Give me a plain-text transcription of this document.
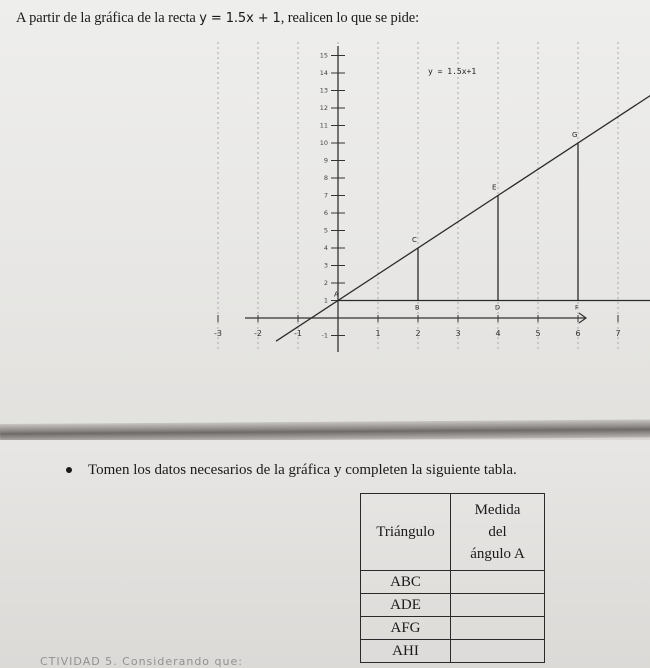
A partir de la gráfica de la recta y = 1.5x + 1, realicen lo que se pide:
-3	-2	-1	1	2	3	4	5	6	7
-1
1
2
3
4
5
6
7
8
9
10
11
12
13
14
15
y = 1.5x+1
A
C
E
G
B	D	F
Tomen los datos necesarios de la gráfica y completen la siguiente tabla.
Triángulo	Medida
del
ángulo A

ABC	
ADE	
AFG	
AHI	
CTIVIDAD 5. Considerando que:
